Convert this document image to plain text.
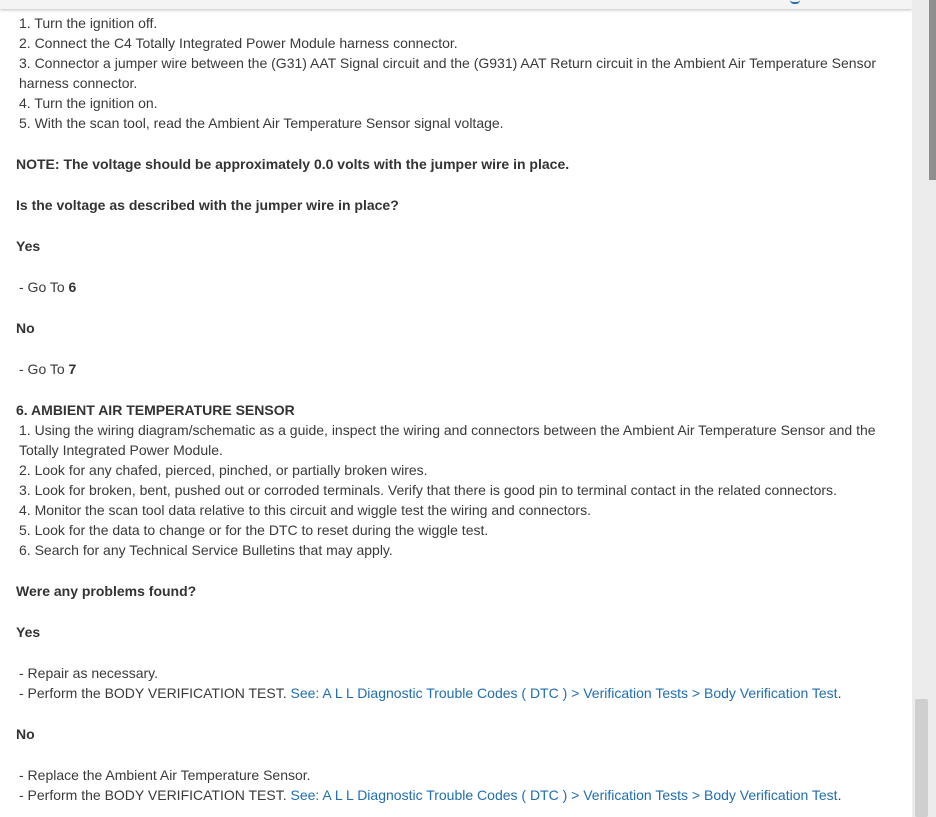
1. Turn the ignition off.
2. Connect the C4 Totally Integrated Power Module harness connector.
3. Connector a jumper wire between the (G31) AAT Signal circuit and the (G931) AAT Return circuit in the Ambient Air Temperature Sensor harness connector.
4. Turn the ignition on.
5. With the scan tool, read the Ambient Air Temperature Sensor signal voltage.
NOTE: The voltage should be approximately 0.0 volts with the jumper wire in place.
Is the voltage as described with the jumper wire in place?
Yes
- Go To 6
No
- Go To 7
6. AMBIENT AIR TEMPERATURE SENSOR
1. Using the wiring diagram/schematic as a guide, inspect the wiring and connectors between the Ambient Air Temperature Sensor and the Totally Integrated Power Module.
2. Look for any chafed, pierced, pinched, or partially broken wires.
3. Look for broken, bent, pushed out or corroded terminals. Verify that there is good pin to terminal contact in the related connectors.
4. Monitor the scan tool data relative to this circuit and wiggle test the wiring and connectors.
5. Look for the data to change or for the DTC to reset during the wiggle test.
6. Search for any Technical Service Bulletins that may apply.
Were any problems found?
Yes
- Repair as necessary.
- Perform the BODY VERIFICATION TEST. See: A L L Diagnostic Trouble Codes ( DTC ) > Verification Tests > Body Verification Test.
No
- Replace the Ambient Air Temperature Sensor.
- Perform the BODY VERIFICATION TEST. See: A L L Diagnostic Trouble Codes ( DTC ) > Verification Tests > Body Verification Test.
